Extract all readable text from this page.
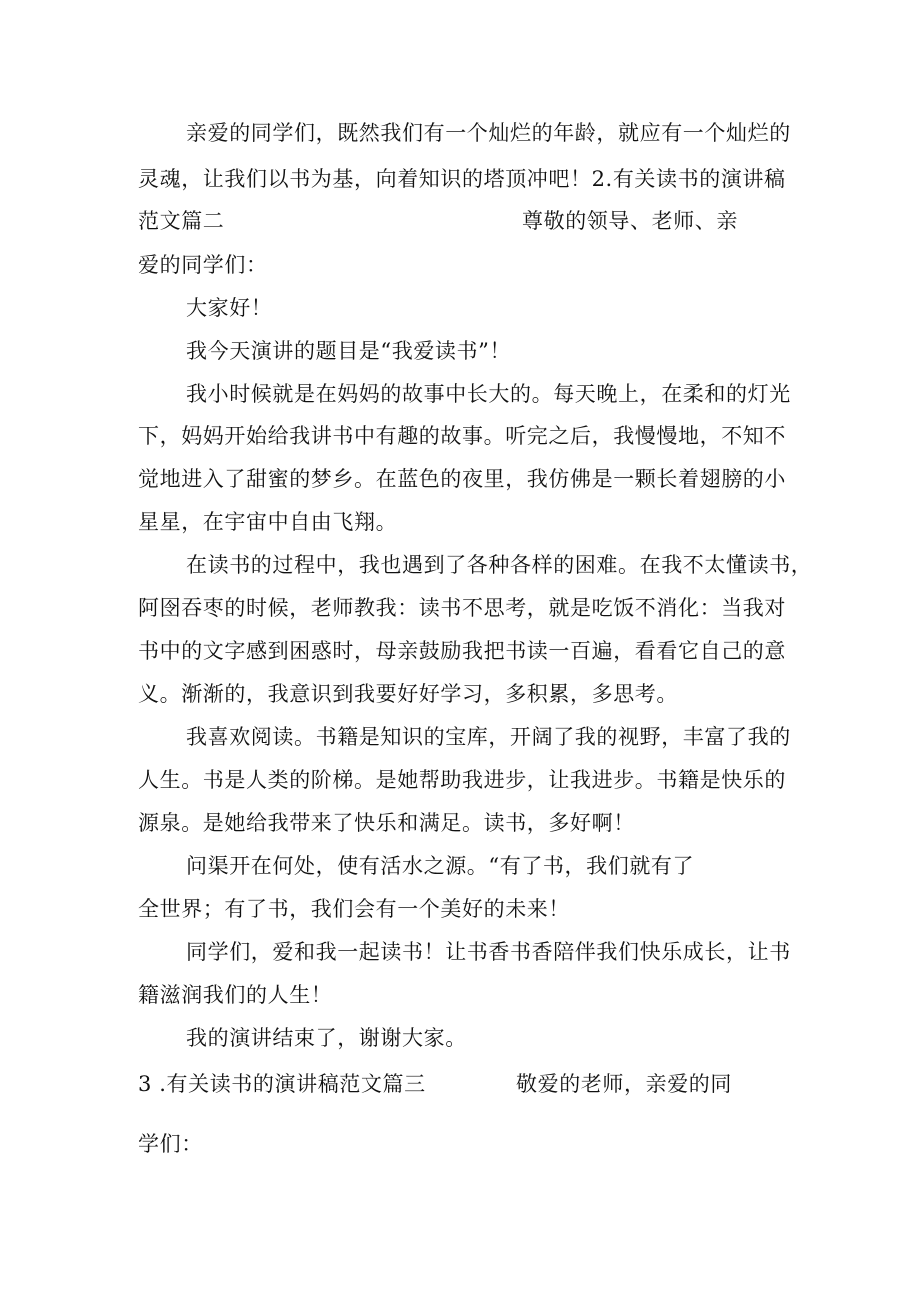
亲爱的同学们，既然我们有一个灿烂的年龄，就应有一个灿烂的
灵魂，让我们以书为基，向着知识的塔顶冲吧！2.有关读书的演讲稿
范文篇二	尊敬的领导、老师、亲
爱的同学们：
大家好！
我今天演讲的题目是“我爱读书”！
我小时候就是在妈妈的故事中长大的。每天晚上，在柔和的灯光
下，妈妈开始给我讲书中有趣的故事。听完之后，我慢慢地，不知不
觉地进入了甜蜜的梦乡。在蓝色的夜里，我仿佛是一颗长着翅膀的小
星星，在宇宙中自由飞翔。
在读书的过程中，我也遇到了各种各样的困难。在我不太懂读书，
阿囹吞枣的时候，老师教我：读书不思考，就是吃饭不消化：当我对
书中的文字感到困惑时，母亲鼓励我把书读一百遍，看看它自己的意
义。渐渐的，我意识到我要好好学习，多积累，多思考。
我喜欢阅读。书籍是知识的宝库，开阔了我的视野，丰富了我的
人生。书是人类的阶梯。是她帮助我进步，让我进步。书籍是快乐的
源泉。是她给我带来了快乐和满足。读书，多好啊！
问渠开在何处，使有活水之源。“有了书，我们就有了
全世界；有了书，我们会有一个美好的未来！
同学们，爱和我一起读书！让书香书香陪伴我们快乐成长，让书
籍滋润我们的人生！
我的演讲结束了，谢谢大家。
3 .有关读书的演讲稿范文篇三	敬爱的老师，亲爱的同
学们：
